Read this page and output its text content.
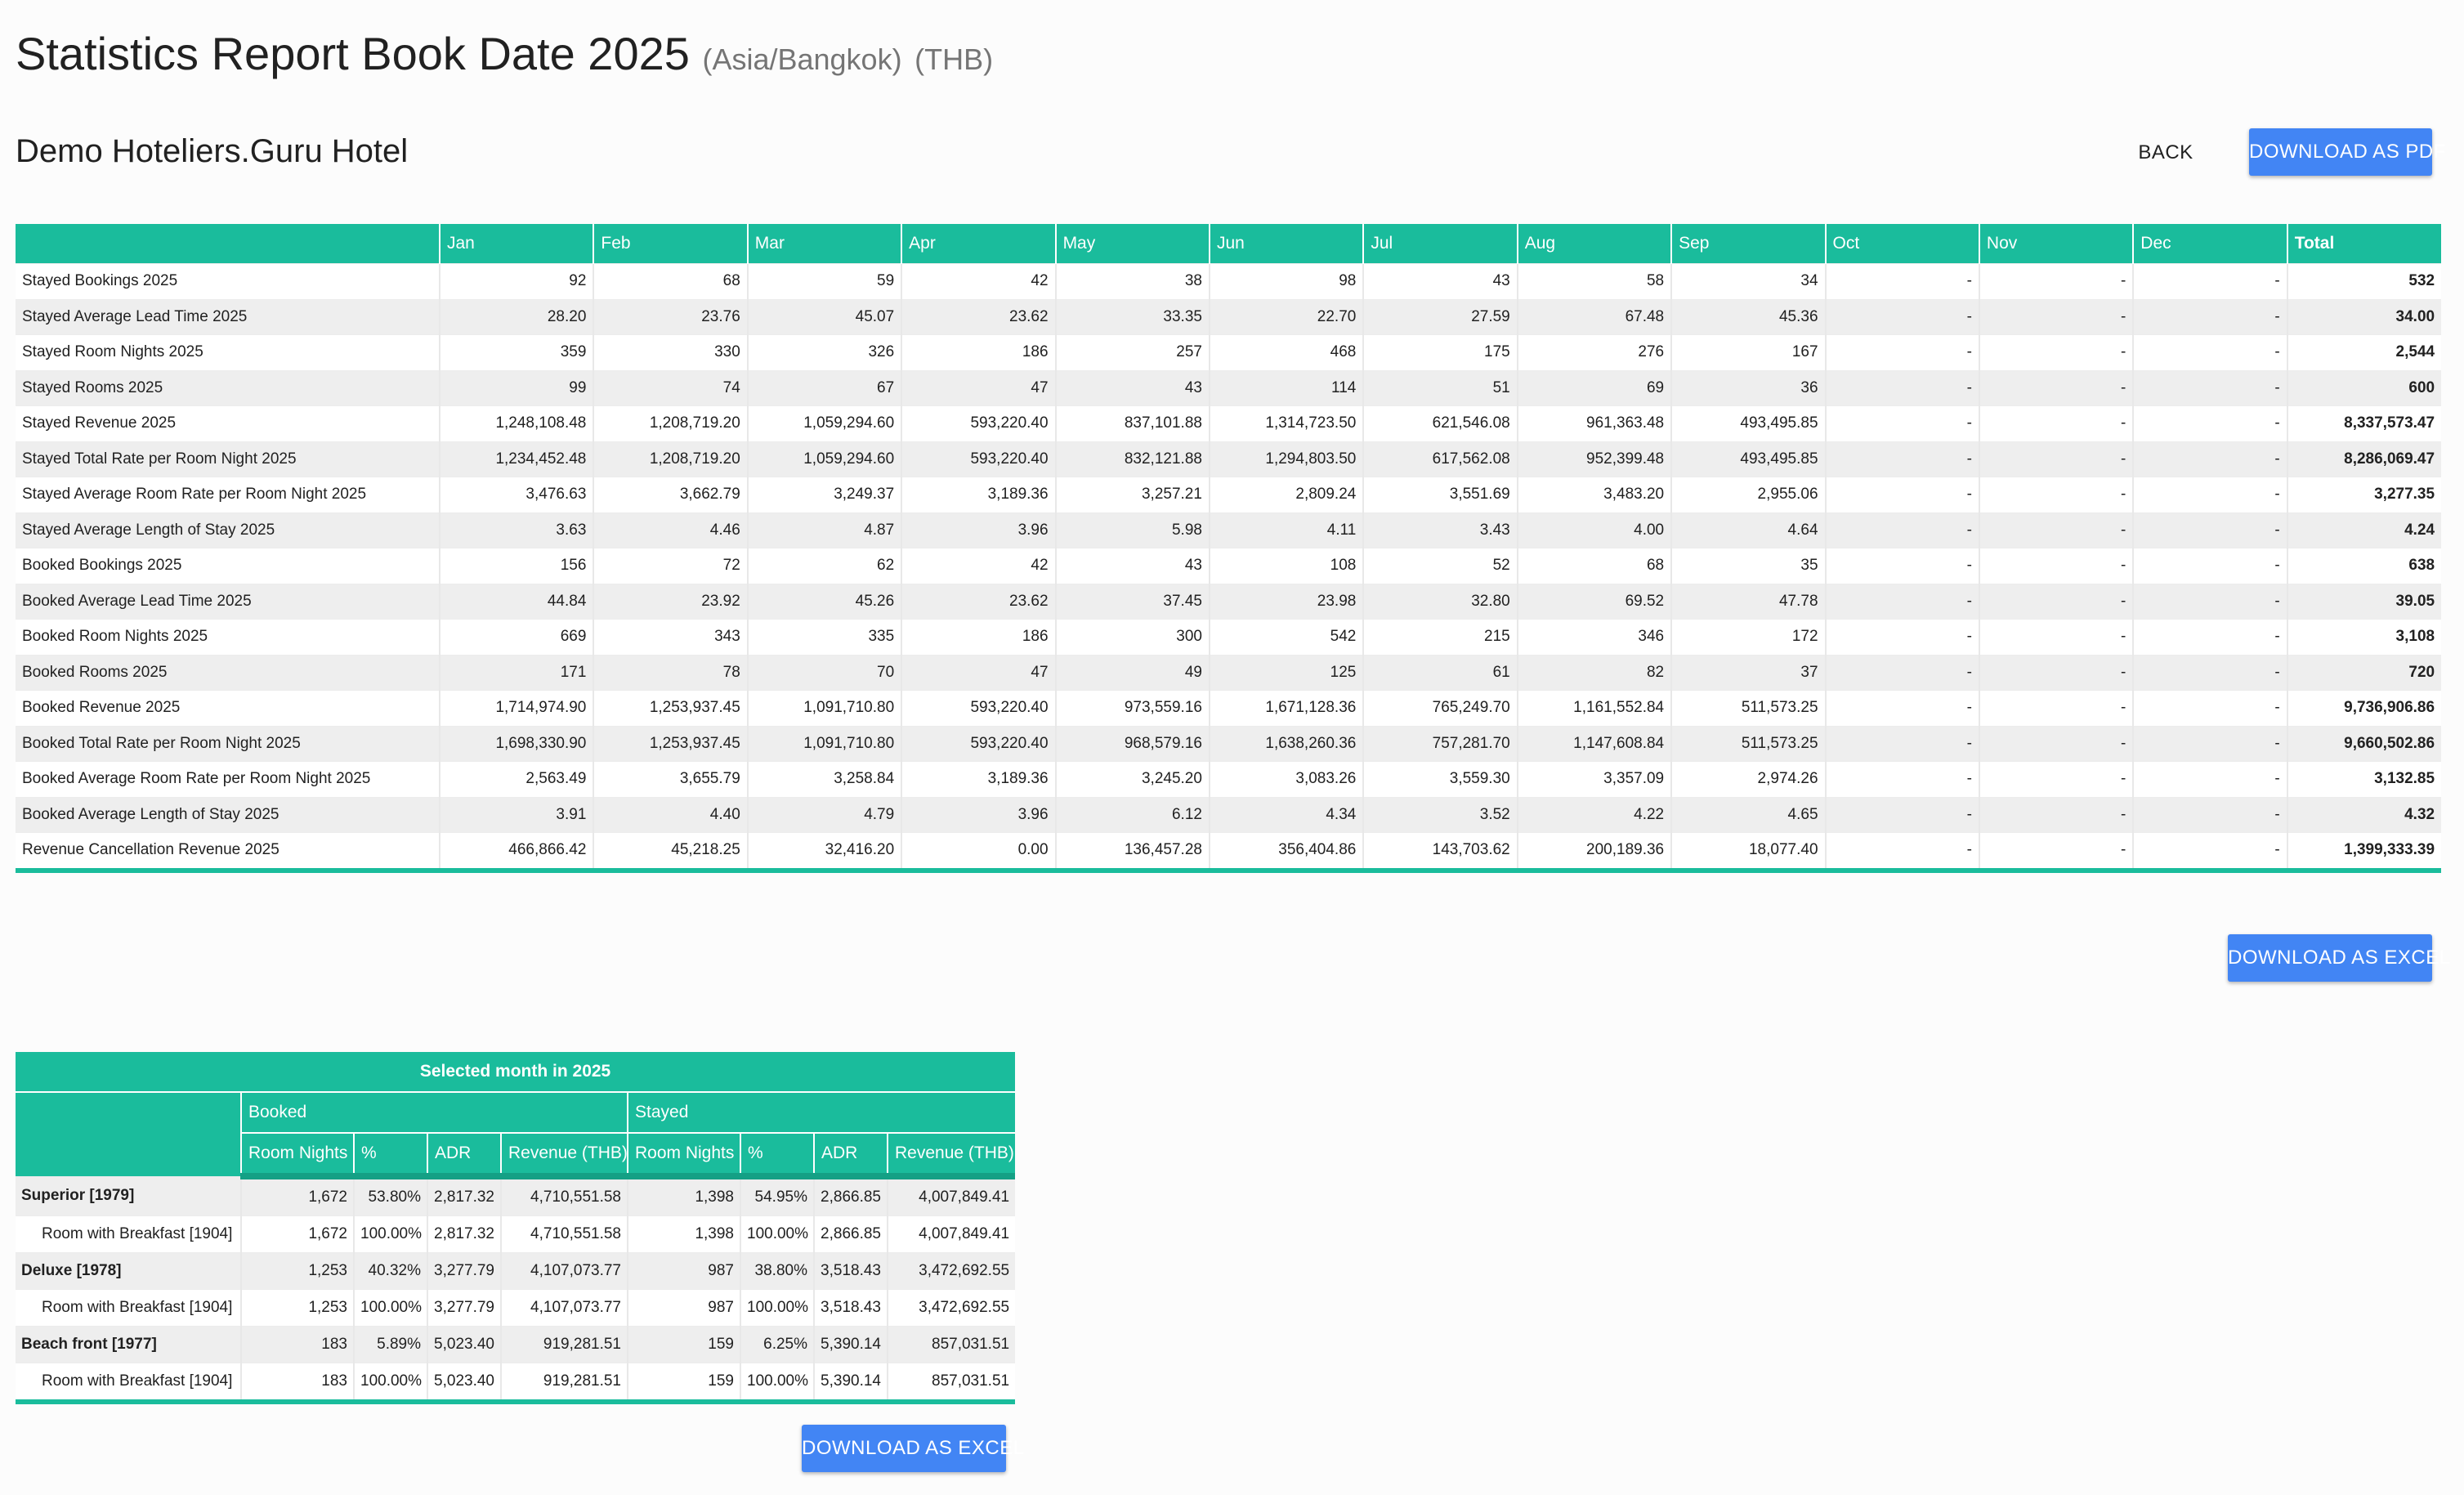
Statistics Report Book Date 2025 (Asia/Bangkok) (THB)
Demo Hoteliers.Guru Hotel	BACK	DOWNLOAD AS PDF
	Jan	Feb	Mar	Apr	May	Jun	Jul	Aug	Sep	Oct	Nov	Dec	Total
Stayed Bookings 2025	92	68	59	42	38	98	43	58	34	-	-	-	532
Stayed Average Lead Time 2025	28.20	23.76	45.07	23.62	33.35	22.70	27.59	67.48	45.36	-	-	-	34.00
Stayed Room Nights 2025	359	330	326	186	257	468	175	276	167	-	-	-	2,544
Stayed Rooms 2025	99	74	67	47	43	114	51	69	36	-	-	-	600
Stayed Revenue 2025	1,248,108.48	1,208,719.20	1,059,294.60	593,220.40	837,101.88	1,314,723.50	621,546.08	961,363.48	493,495.85	-	-	-	8,337,573.47
Stayed Total Rate per Room Night 2025	1,234,452.48	1,208,719.20	1,059,294.60	593,220.40	832,121.88	1,294,803.50	617,562.08	952,399.48	493,495.85	-	-	-	8,286,069.47
Stayed Average Room Rate per Room Night 2025	3,476.63	3,662.79	3,249.37	3,189.36	3,257.21	2,809.24	3,551.69	3,483.20	2,955.06	-	-	-	3,277.35
Stayed Average Length of Stay 2025	3.63	4.46	4.87	3.96	5.98	4.11	3.43	4.00	4.64	-	-	-	4.24
Booked Bookings 2025	156	72	62	42	43	108	52	68	35	-	-	-	638
Booked Average Lead Time 2025	44.84	23.92	45.26	23.62	37.45	23.98	32.80	69.52	47.78	-	-	-	39.05
Booked Room Nights 2025	669	343	335	186	300	542	215	346	172	-	-	-	3,108
Booked Rooms 2025	171	78	70	47	49	125	61	82	37	-	-	-	720
Booked Revenue 2025	1,714,974.90	1,253,937.45	1,091,710.80	593,220.40	973,559.16	1,671,128.36	765,249.70	1,161,552.84	511,573.25	-	-	-	9,736,906.86
Booked Total Rate per Room Night 2025	1,698,330.90	1,253,937.45	1,091,710.80	593,220.40	968,579.16	1,638,260.36	757,281.70	1,147,608.84	511,573.25	-	-	-	9,660,502.86
Booked Average Room Rate per Room Night 2025	2,563.49	3,655.79	3,258.84	3,189.36	3,245.20	3,083.26	3,559.30	3,357.09	2,974.26	-	-	-	3,132.85
Booked Average Length of Stay 2025	3.91	4.40	4.79	3.96	6.12	4.34	3.52	4.22	4.65	-	-	-	4.32
Revenue Cancellation Revenue 2025	466,866.42	45,218.25	32,416.20	0.00	136,457.28	356,404.86	143,703.62	200,189.36	18,077.40	-	-	-	1,399,333.39
DOWNLOAD AS EXCEL
Selected month in 2025								
	Booked				Stayed			
	Room Nights	%	ADR	Revenue (THB)	Room Nights	%	ADR	Revenue (THB)
Superior [1979]	1,672	53.80%	2,817.32	4,710,551.58	1,398	54.95%	2,866.85	4,007,849.41
Room with Breakfast [1904]	1,672	100.00%	2,817.32	4,710,551.58	1,398	100.00%	2,866.85	4,007,849.41
Deluxe [1978]	1,253	40.32%	3,277.79	4,107,073.77	987	38.80%	3,518.43	3,472,692.55
Room with Breakfast [1904]	1,253	100.00%	3,277.79	4,107,073.77	987	100.00%	3,518.43	3,472,692.55
Beach front [1977]	183	5.89%	5,023.40	919,281.51	159	6.25%	5,390.14	857,031.51
Room with Breakfast [1904]	183	100.00%	5,023.40	919,281.51	159	100.00%	5,390.14	857,031.51
DOWNLOAD AS EXCEL
